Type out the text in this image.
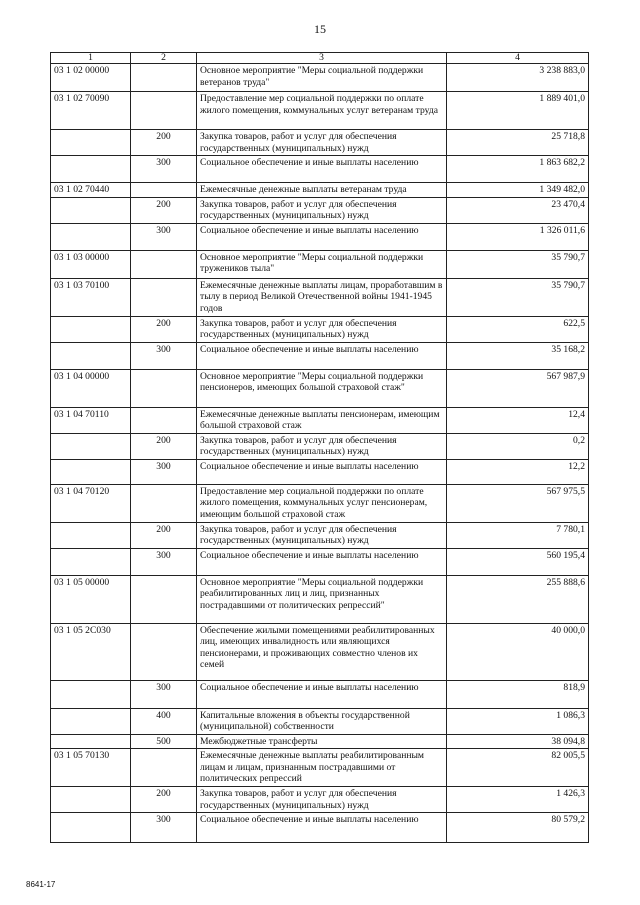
15
1	2	3	4
03 1 02 00000		Основное мероприятие "Меры социальной поддержки ветеранов труда"	3 238 883,0
03 1 02 70090		Предоставление мер социальной поддержки по оплате жилого помещения, коммунальных услуг ветеранам труда	1 889 401,0
	200	Закупка товаров, работ и услуг для обеспечения государственных (муниципальных) нужд	25 718,8
	300	Социальное обеспечение и иные выплаты населению	1 863 682,2
03 1 02 70440		Ежемесячные денежные выплаты ветеранам труда	1 349 482,0
	200	Закупка товаров, работ и услуг для обеспечения государственных (муниципальных) нужд	23 470,4
	300	Социальное обеспечение и иные выплаты населению	1 326 011,6
03 1 03 00000		Основное мероприятие "Меры социальной поддержки тружеников тыла"	35 790,7
03 1 03 70100		Ежемесячные денежные выплаты лицам, проработавшим в тылу в период Великой Отечественной войны 1941-1945 годов	35 790,7
	200	Закупка товаров, работ и услуг для обеспечения государственных (муниципальных) нужд	622,5
	300	Социальное обеспечение и иные выплаты населению	35 168,2
03 1 04 00000		Основное мероприятие "Меры социальной поддержки пенсионеров, имеющих большой страховой стаж"	567 987,9
03 1 04 70110		Ежемесячные денежные выплаты пенсионерам, имеющим большой страховой стаж	12,4
	200	Закупка товаров, работ и услуг для обеспечения государственных (муниципальных) нужд	0,2
	300	Социальное обеспечение и иные выплаты населению	12,2
03 1 04 70120		Предоставление мер социальной поддержки по оплате жилого помещения, коммунальных услуг пенсионерам, имеющим большой страховой стаж	567 975,5
	200	Закупка товаров, работ и услуг для обеспечения государственных (муниципальных) нужд	7 780,1
	300	Социальное обеспечение и иные выплаты населению	560 195,4
03 1 05 00000		Основное мероприятие "Меры социальной поддержки реабилитированных лиц и лиц, признанных пострадавшими от политических репрессий"	255 888,6
03 1 05 2С030		Обеспечение жилыми помещениями реабилитированных лиц, имеющих инвалидность или являющихся пенсионерами, и проживающих совместно членов их семей	40 000,0
	300	Социальное обеспечение и иные выплаты населению	818,9
	400	Капитальные вложения в объекты государственной (муниципальной) собственности	1 086,3
	500	Межбюджетные трансферты	38 094,8
03 1 05 70130		Ежемесячные денежные выплаты реабилитированным лицам и лицам, признанным пострадавшими от политических репрессий	82 005,5
	200	Закупка товаров, работ и услуг для обеспечения государственных (муниципальных) нужд	1 426,3
	300	Социальное обеспечение и иные выплаты населению	80 579,2
8641-17
